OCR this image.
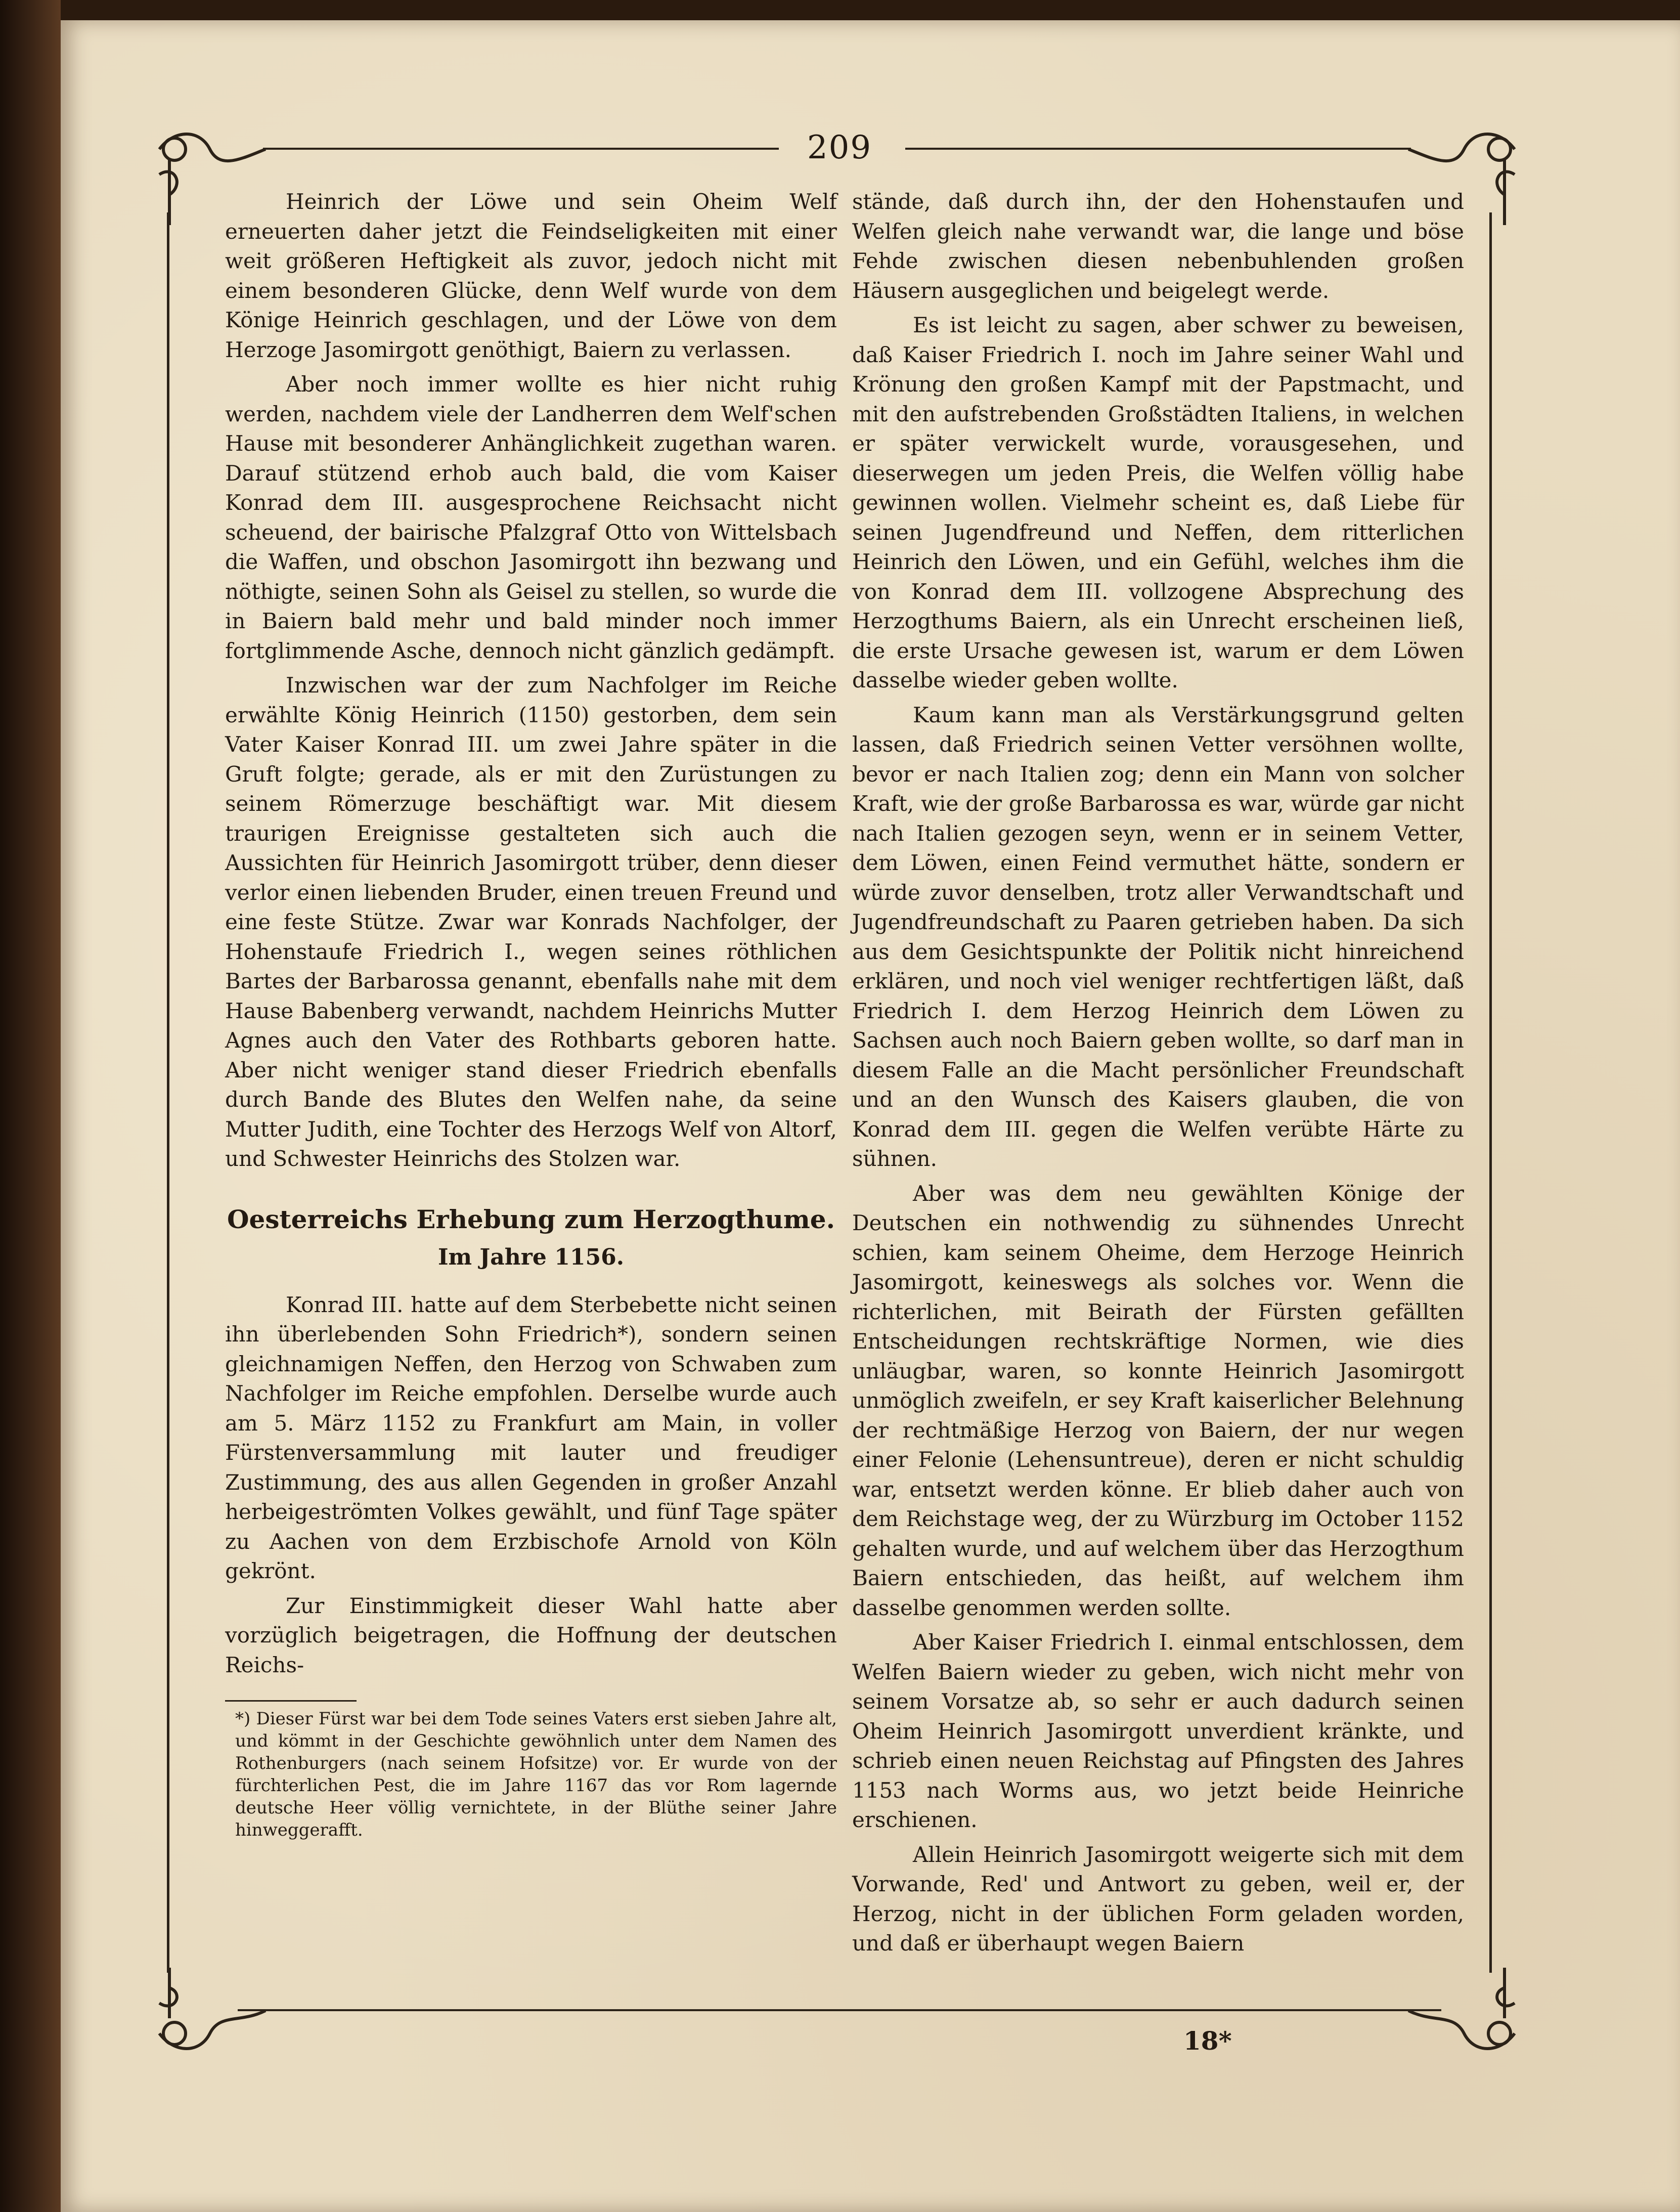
209

Heinrich der Löwe und sein Oheim Welf erneuerten daher jetzt die Feindseligkeiten mit einer weit größeren Heftigkeit als zuvor, jedoch nicht mit einem besonderen Glücke, denn Welf wurde von dem Könige Heinrich geschlagen, und der Löwe von dem Herzoge Jasomirgott genöthigt, Baiern zu verlassen.

Aber noch immer wollte es hier nicht ruhig werden, nachdem viele der Landherren dem Welf'schen Hause mit besonderer Anhänglichkeit zugethan waren. Darauf stützend erhob auch bald, die vom Kaiser Konrad dem III. ausgesprochene Reichsacht nicht scheuend, der bairische Pfalzgraf Otto von Wittelsbach die Waffen, und obschon Jasomirgott ihn bezwang und nöthigte, seinen Sohn als Geisel zu stellen, so wurde die in Baiern bald mehr und bald minder noch immer fortglimmende Asche, dennoch nicht gänzlich gedämpft.

Inzwischen war der zum Nachfolger im Reiche erwählte König Heinrich (1150) gestorben, dem sein Vater Kaiser Konrad III. um zwei Jahre später in die Gruft folgte; gerade, als er mit den Zurüstungen zu seinem Römerzuge beschäftigt war. Mit diesem traurigen Ereignisse gestalteten sich auch die Aussichten für Heinrich Jasomirgott trüber, denn dieser verlor einen liebenden Bruder, einen treuen Freund und eine feste Stütze. Zwar war Konrads Nachfolger, der Hohenstaufe Friedrich I., wegen seines röthlichen Bartes der Barbarossa genannt, ebenfalls nahe mit dem Hause Babenberg verwandt, nachdem Heinrichs Mutter Agnes auch den Vater des Rothbarts geboren hatte. Aber nicht weniger stand dieser Friedrich ebenfalls durch Bande des Blutes den Welfen nahe, da seine Mutter Judith, eine Tochter des Herzogs Welf von Altorf, und Schwester Heinrichs des Stolzen war.

Oesterreichs Erhebung zum Herzogthume.
Im Jahre 1156.

Konrad III. hatte auf dem Sterbebette nicht seinen ihn überlebenden Sohn Friedrich*), sondern seinen gleichnamigen Neffen, den Herzog von Schwaben zum Nachfolger im Reiche empfohlen. Derselbe wurde auch am 5. März 1152 zu Frankfurt am Main, in voller Fürstenversammlung mit lauter und freudiger Zustimmung, des aus allen Gegenden in großer Anzahl herbeigeströmten Volkes gewählt, und fünf Tage später zu Aachen von dem Erzbischofe Arnold von Köln gekrönt.

Zur Einstimmigkeit dieser Wahl hatte aber vorzüglich beigetragen, die Hoffnung der deutschen Reichs-

*) Dieser Fürst war bei dem Tode seines Vaters erst sieben Jahre alt, und kömmt in der Geschichte gewöhnlich unter dem Namen des Rothenburgers (nach seinem Hofsitze) vor. Er wurde von der fürchterlichen Pest, die im Jahre 1167 das vor Rom lagernde deutsche Heer völlig vernichtete, in der Blüthe seiner Jahre hinweggerafft.

stände, daß durch ihn, der den Hohenstaufen und Welfen gleich nahe verwandt war, die lange und böse Fehde zwischen diesen nebenbuhlenden großen Häusern ausgeglichen und beigelegt werde.

Es ist leicht zu sagen, aber schwer zu beweisen, daß Kaiser Friedrich I. noch im Jahre seiner Wahl und Krönung den großen Kampf mit der Papstmacht, und mit den aufstrebenden Großstädten Italiens, in welchen er später verwickelt wurde, vorausgesehen, und dieserwegen um jeden Preis, die Welfen völlig habe gewinnen wollen. Vielmehr scheint es, daß Liebe für seinen Jugendfreund und Neffen, dem ritterlichen Heinrich den Löwen, und ein Gefühl, welches ihm die von Konrad dem III. vollzogene Absprechung des Herzogthums Baiern, als ein Unrecht erscheinen ließ, die erste Ursache gewesen ist, warum er dem Löwen dasselbe wieder geben wollte.

Kaum kann man als Verstärkungsgrund gelten lassen, daß Friedrich seinen Vetter versöhnen wollte, bevor er nach Italien zog; denn ein Mann von solcher Kraft, wie der große Barbarossa es war, würde gar nicht nach Italien gezogen seyn, wenn er in seinem Vetter, dem Löwen, einen Feind vermuthet hätte, sondern er würde zuvor denselben, trotz aller Verwandtschaft und Jugendfreundschaft zu Paaren getrieben haben. Da sich aus dem Gesichtspunkte der Politik nicht hinreichend erklären, und noch viel weniger rechtfertigen läßt, daß Friedrich I. dem Herzog Heinrich dem Löwen zu Sachsen auch noch Baiern geben wollte, so darf man in diesem Falle an die Macht persönlicher Freundschaft und an den Wunsch des Kaisers glauben, die von Konrad dem III. gegen die Welfen verübte Härte zu sühnen.

Aber was dem neu gewählten Könige der Deutschen ein nothwendig zu sühnendes Unrecht schien, kam seinem Oheime, dem Herzoge Heinrich Jasomirgott, keineswegs als solches vor. Wenn die richterlichen, mit Beirath der Fürsten gefällten Entscheidungen rechtskräftige Normen, wie dies unläugbar, waren, so konnte Heinrich Jasomirgott unmöglich zweifeln, er sey Kraft kaiserlicher Belehnung der rechtmäßige Herzog von Baiern, der nur wegen einer Felonie (Lehensuntreue), deren er nicht schuldig war, entsetzt werden könne. Er blieb daher auch von dem Reichstage weg, der zu Würzburg im October 1152 gehalten wurde, und auf welchem über das Herzogthum Baiern entschieden, das heißt, auf welchem ihm dasselbe genommen werden sollte.

Aber Kaiser Friedrich I. einmal entschlossen, dem Welfen Baiern wieder zu geben, wich nicht mehr von seinem Vorsatze ab, so sehr er auch dadurch seinen Oheim Heinrich Jasomirgott unverdient kränkte, und schrieb einen neuen Reichstag auf Pfingsten des Jahres 1153 nach Worms aus, wo jetzt beide Heinriche erschienen.

Allein Heinrich Jasomirgott weigerte sich mit dem Vorwande, Red' und Antwort zu geben, weil er, der Herzog, nicht in der üblichen Form geladen worden, und daß er überhaupt wegen Baiern

18*
